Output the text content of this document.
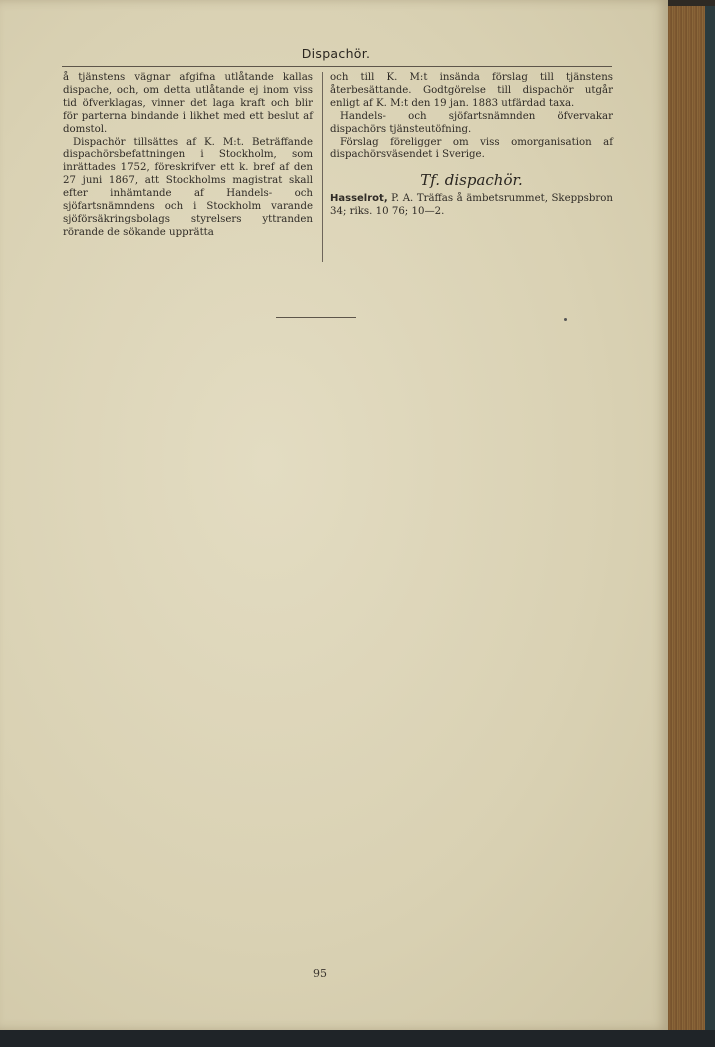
Dispachör.

å tjänstens vägnar afgifna utlåtande kallas dispache, och, om detta utlåtande ej inom viss tid öfverklagas, vinner det laga kraft och blir för parterna bindande i likhet med ett beslut af domstol.

Dispachör tillsättes af K. M:t. Beträffande dispachörsbefattningen i Stockholm, som inrättades 1752, föreskrifver ett k. bref af den 27 juni 1867, att Stockholms magistrat skall efter inhämtande af Handels- och sjöfartsnämndens och i Stockholm varande sjöförsäkringsbolags styrelsers yttranden rörande de sökande upprätta

och till K. M:t insända förslag till tjänstens återbesättande. Godtgörelse till dispachör utgår enligt af K. M:t den 19 jan. 1883 utfärdad taxa.

Handels- och sjöfartsnämnden öfvervakar dispachörs tjänsteutöfning.

Förslag föreligger om viss omorganisation af dispachörsväsendet i Sverige.

Tf. dispachör.

Hasselrot, P. A. Träffas å ämbetsrummet, Skeppsbron 34; riks. 10 76; 10—2.

95
